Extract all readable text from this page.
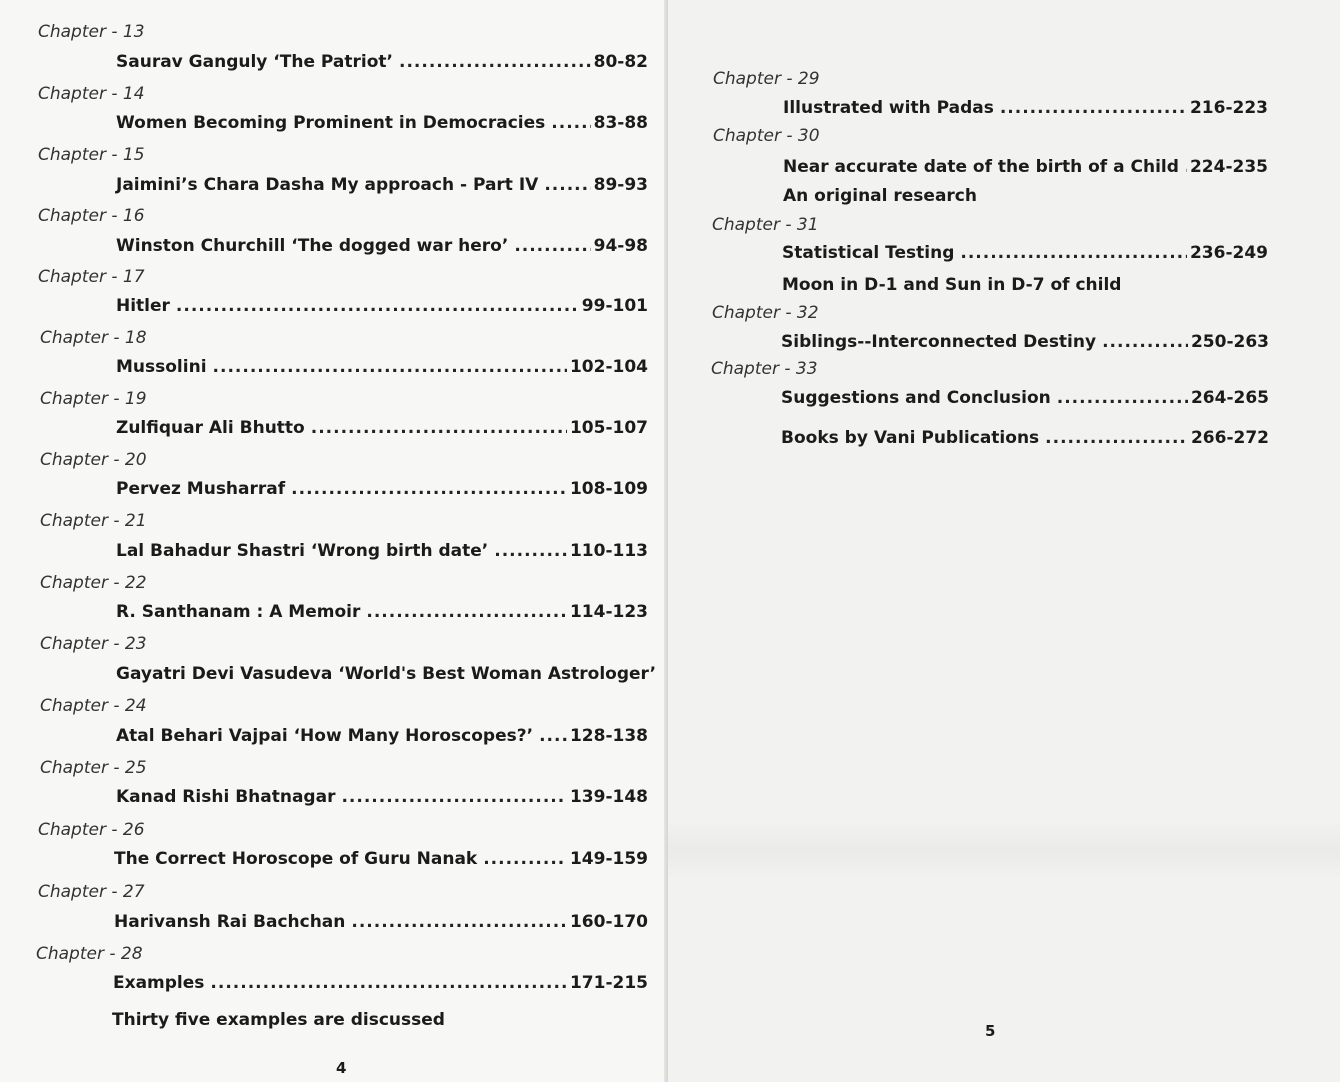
Chapter - 13
Saurav Ganguly ‘The Patriot’ .....	80-82
Chapter - 14
Women Becoming Prominent in Democracies .....	83-88
Chapter - 15
Jaimini’s Chara Dasha My approach - Part IV .....	89-93
Chapter - 16
Winston Churchill ‘The dogged war hero’ .....	94-98
Chapter - 17
Hitler .....	99-101
Chapter - 18
Mussolini .....	102-104
Chapter - 19
Zulfiquar Ali Bhutto .....	105-107
Chapter - 20
Pervez Musharraf .....	108-109
Chapter - 21
Lal Bahadur Shastri ‘Wrong birth date’ .....	110-113
Chapter - 22
R. Santhanam : A Memoir .....	114-123
Chapter - 23
Gayatri Devi Vasudeva ‘World's Best Woman Astrologer’
Chapter - 24
Atal Behari Vajpai ‘How Many Horoscopes?’ ..... 128-138
Chapter - 25
Kanad Rishi Bhatnagar .....	139-148
Chapter - 26
The Correct Horoscope of Guru Nanak .....	149-159
Chapter - 27
Harivansh Rai Bachchan .....	160-170
Chapter - 28
Examples .....	171-215
Thirty five examples are discussed
4
Chapter - 29
Illustrated with Padas .....	216-223
Chapter - 30
Near accurate date of the birth of a Child ..... 224-235
An original research
Chapter - 31
Statistical Testing .....	236-249
Moon in D-1 and Sun in D-7 of child
Chapter - 32
Siblings--Interconnected Destiny .....	250-263
Chapter - 33
Suggestions and Conclusion .....	264-265
Books by Vani Publications .....	266-272
5
